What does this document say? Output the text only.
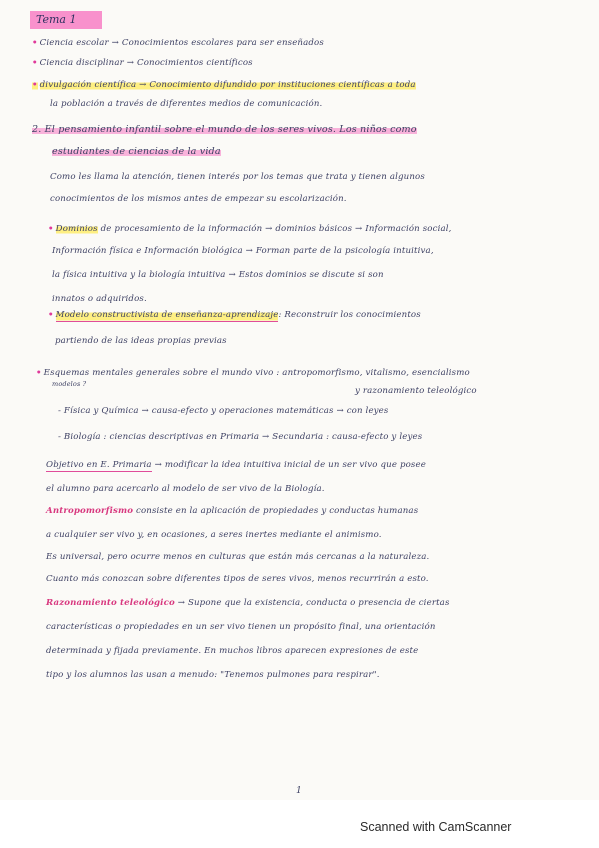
Tema 1
• Ciencia escolar → Conocimientos escolares para ser enseñados
• Ciencia disciplinar → Conocimientos científicos
• divulgación científica → Conocimiento difundido por instituciones científicas a toda
la población a través de diferentes medios de comunicación.
2. El pensamiento infantil sobre el mundo de los seres vivos. Los niños como
estudiantes de ciencias de la vida
Como les llama la atención, tienen interés por los temas que trata y tienen algunos
conocimientos de los mismos antes de empezar su escolarización.
• Dominios de procesamiento de la información → dominios básicos → Información social,
Información física e Información biológica → Forman parte de la psicología intuitiva,
la física intuitiva y la biología intuitiva → Estos dominios se discute si son
innatos o adquiridos.
• Modelo constructivista de enseñanza-aprendizaje: Reconstruir los conocimientos
partiendo de las ideas propias previas
• Esquemas mentales generales sobre el mundo vivo : antropomorfismo, vitalismo, esencialismo
modelos ?
y razonamiento teleológico
- Física y Química → causa-efecto y operaciones matemáticas → con leyes
- Biología : ciencias descriptivas en Primaria → Secundaria : causa-efecto y leyes
Objetivo en E. Primaria → modificar la idea intuitiva inicial de un ser vivo que posee
el alumno para acercarlo al modelo de ser vivo de la Biología.
Antropomorfismo consiste en la aplicación de propiedades y conductas humanas
a cualquier ser vivo y, en ocasiones, a seres inertes mediante el animismo.
Es universal, pero ocurre menos en culturas que están más cercanas a la naturaleza.
Cuanto más conozcan sobre diferentes tipos de seres vivos, menos recurrirán a esto.
Razonamiento teleológico → Supone que la existencia, conducta o presencia de ciertas
características o propiedades en un ser vivo tienen un propósito final, una orientación
determinada y fijada previamente. En muchos libros aparecen expresiones de este
tipo y los alumnos las usan a menudo: "Tenemos pulmones para respirar".
1
Scanned with CamScanner
